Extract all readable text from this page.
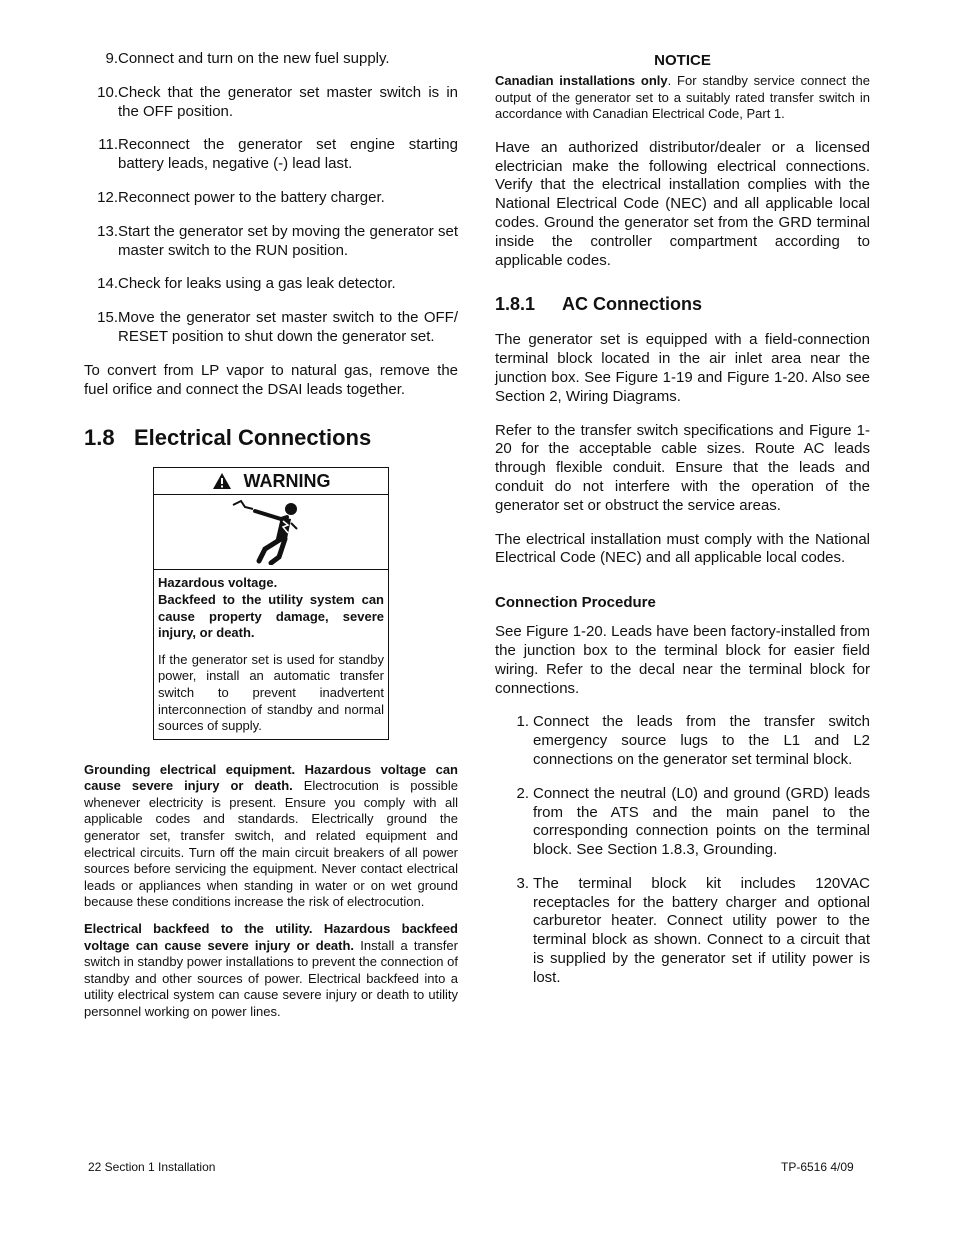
9. Connect and turn on the new fuel supply.
10. Check that the generator set master switch is in the OFF position.
11. Reconnect the generator set engine starting battery leads, negative (-) lead last.
12. Reconnect power to the battery charger.
13. Start the generator set by moving the generator set master switch to the RUN position.
14. Check for leaks using a gas leak detector.
15. Move the generator set master switch to the OFF/ RESET position to shut down the generator set.

To convert from LP vapor to natural gas, remove the fuel orifice and connect the DSAI leads together.

1.8 Electrical Connections
WARNING
Hazardous voltage.
Backfeed to the utility system can cause property damage, severe injury, or death.
If the generator set is used for standby power, install an automatic transfer switch to prevent inadvertent interconnection of standby and normal sources of supply.

Grounding electrical equipment. Hazardous voltage can cause severe injury or death. Electrocution is possible whenever electricity is present. Ensure you comply with all applicable codes and standards. Electrically ground the generator set, transfer switch, and related equipment and electrical circuits. Turn off the main circuit breakers of all power sources before servicing the equipment. Never contact electrical leads or appliances when standing in water or on wet ground because these conditions increase the risk of electrocution.

Electrical backfeed to the utility. Hazardous backfeed voltage can cause severe injury or death. Install a transfer switch in standby power installations to prevent the connection of standby and other sources of power. Electrical backfeed into a utility electrical system can cause severe injury or death to utility personnel working on power lines.

NOTICE

Canadian installations only. For standby service connect the output of the generator set to a suitably rated transfer switch in accordance with Canadian Electrical Code, Part 1.

Have an authorized distributor/dealer or a licensed electrician make the following electrical connections. Verify that the electrical installation complies with the National Electrical Code (NEC) and all applicable local codes. Ground the generator set from the GRD terminal inside the controller compartment according to applicable codes.

1.8.1 AC Connections

The generator set is equipped with a field-connection terminal block located in the air inlet area near the junction box. See Figure 1-19 and Figure 1-20. Also see Section 2, Wiring Diagrams.

Refer to the transfer switch specifications and Figure 1-20 for the acceptable cable sizes. Route AC leads through flexible conduit. Ensure that the leads and conduit do not interfere with the operation of the generator set or obstruct the service areas.

The electrical installation must comply with the National Electrical Code (NEC) and all applicable local codes.

Connection Procedure

See Figure 1-20. Leads have been factory-installed from the junction box to the terminal block for easier field wiring. Refer to the decal near the terminal block for connections.

1. Connect the leads from the transfer switch emergency source lugs to the L1 and L2 connections on the generator set terminal block.
2. Connect the neutral (L0) and ground (GRD) leads from the ATS and the main panel to the corresponding connection points on the terminal block. See Section 1.8.3, Grounding.
3. The terminal block kit includes 120VAC receptacles for the battery charger and optional carburetor heater. Connect utility power to the terminal block as shown. Connect to a circuit that is supplied by the generator set if utility power is lost.
22 Section 1 Installation	TP-6516 4/09
